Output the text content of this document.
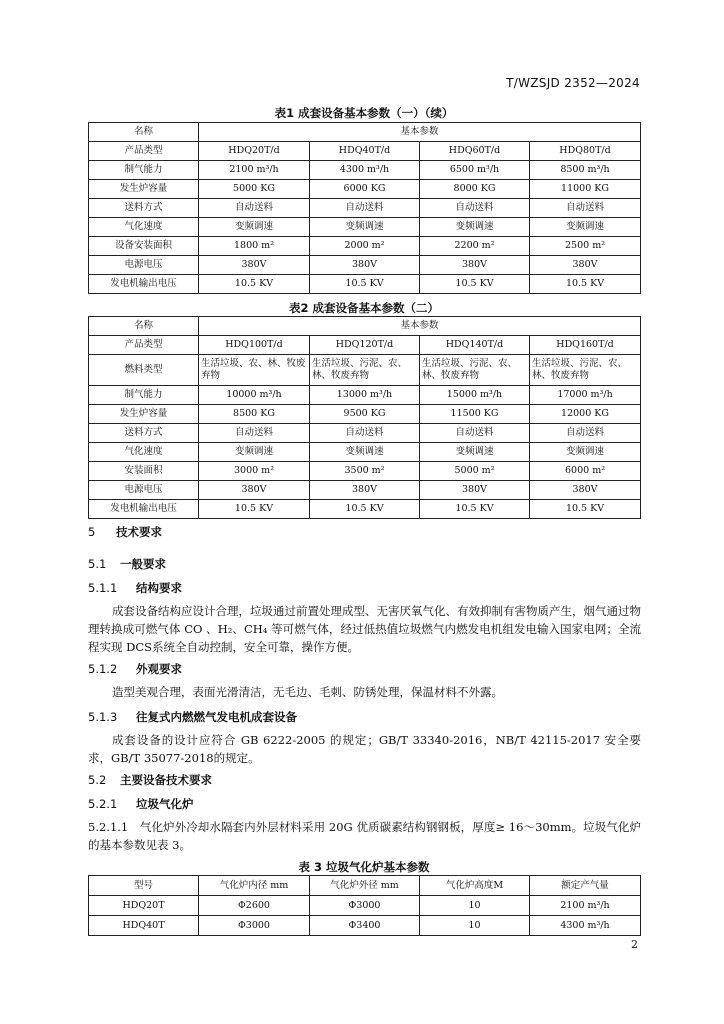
T/WZSJD 2352—2024
表1 成套设备基本参数（一）（续）
名称	基本参数			
产品类型	HDQ20T/d	HDQ40T/d	HDQ60T/d	HDQ80T/d
制气能力	2100 m³/h	4300 m³/h	6500 m³/h	8500 m³/h
发生炉容量	5000 KG	6000 KG	8000 KG	11000 KG
送料方式	自动送料	自动送料	自动送料	自动送料
气化速度	变频调速	变频调速	变频调速	变频调速
设备安装面积	1800 m²	2000 m²	2200 m²	2500 m²
电源电压	380V	380V	380V	380V
发电机输出电压	10.5 KV	10.5 KV	10.5 KV	10.5 KV
表2 成套设备基本参数（二）
名称	基本参数			
产品类型	HDQ100T/d	HDQ120T/d	HDQ140T/d	HDQ160T/d
燃料类型	生活垃圾、农、林、牧废弃物	生活垃圾、污泥、农、林、牧废弃物	生活垃圾、污泥、农、林、牧废弃物	生活垃圾、污泥、农、林、牧废弃物
制气能力	10000 m³/h	13000 m³/h	15000 m³/h	17000 m³/h
发生炉容量	8500 KG	9500 KG	11500 KG	12000 KG
送料方式	自动送料	自动送料	自动送料	自动送料
气化速度	变频调速	变频调速	变频调速	变频调速
安装面积	3000 m²	3500 m²	5000 m²	6000 m²
电源电压	380V	380V	380V	380V
发电机输出电压	10.5 KV	10.5 KV	10.5 KV	10.5 KV
5 技术要求
5.1 一般要求
5.1.1 结构要求
成套设备结构应设计合理，垃圾通过前置处理成型、无害厌氧气化、有效抑制有害物质产生，烟气通过物理转换成可燃气体 CO 、H₂、CH₄ 等可燃气体，经过低热值垃圾燃气内燃发电机组发电输入国家电网；全流程实现 DCS系统全自动控制，安全可靠，操作方便。
5.1.2 外观要求
造型美观合理，表面光滑清洁，无毛边、毛刺、防锈处理，保温材料不外露。
5.1.3 往复式内燃燃气发电机成套设备
成套设备的设计应符合 GB 6222-2005 的规定；GB/T 33340-2016，NB/T 42115-2017 安全要求，GB/T 35077-2018的规定。
5.2 主要设备技术要求
5.2.1 垃圾气化炉
5.2.1.1　气化炉外冷却水隔套内外层材料采用 20G 优质碳素结构钢钢板，厚度≥ 16～30mm。垃圾气化炉的基本参数见表 3。
表 3 垃圾气化炉基本参数
型号	气化炉内径 mm	气化炉外径 mm	气化炉高度M	额定产气量
HDQ20T	Φ2600	Φ3000	10	2100 m³/h
HDQ40T	Φ3000	Φ3400	10	4300 m³/h
2
